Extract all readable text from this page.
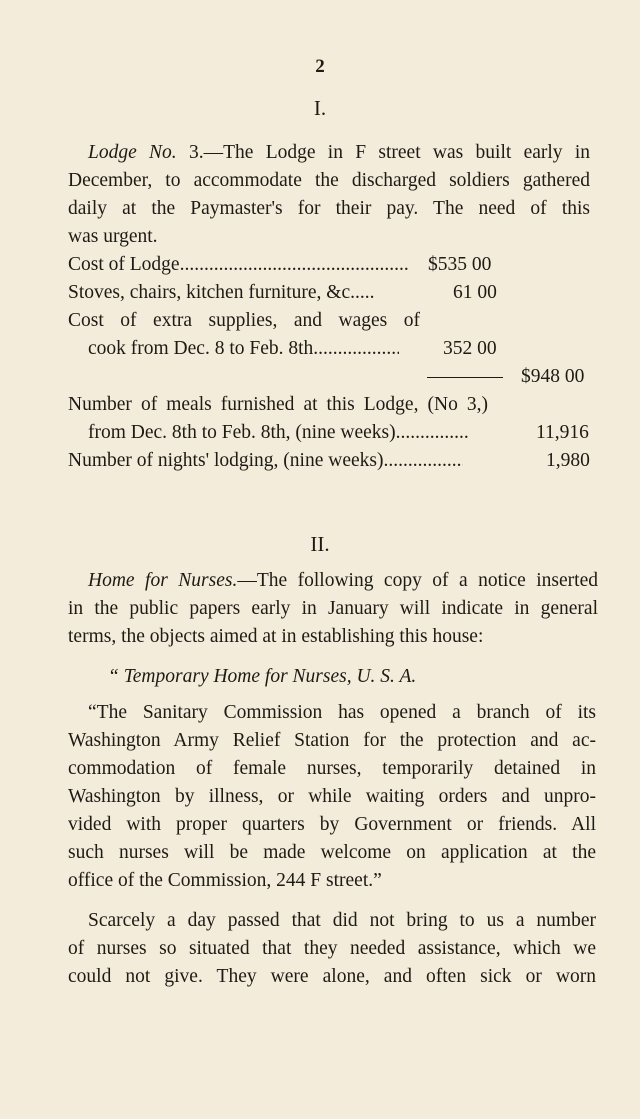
2
I.
Lodge No. 3.—The Lodge in F street was built early in
December, to accommodate the discharged soldiers gathered
daily at the Paymaster's for their pay. The need of this
was urgent.
Cost of Lodge .....	$535 00
Stoves, chairs, kitchen furniture, &c.....	61 00
Cost of extra supplies, and wages of
cook from Dec. 8 to Feb. 8th .....	352 00
$948 00
Number of meals furnished at this Lodge, (No 3,)
from Dec. 8th to Feb. 8th, (nine weeks) .....	11,916
Number of nights' lodging, (nine weeks) .....	1,980
II.
Home for Nurses.—The following copy of a notice inserted
in the public papers early in January will indicate in general
terms, the objects aimed at in establishing this house:
“ Temporary Home for Nurses, U. S. A.
“The Sanitary Commission has opened a branch of its
Washington Army Relief Station for the protection and ac-
commodation of female nurses, temporarily detained in
Washington by illness, or while waiting orders and unpro-
vided with proper quarters by Government or friends. All
such nurses will be made welcome on application at the
office of the Commission, 244 F street.”
Scarcely a day passed that did not bring to us a number
of nurses so situated that they needed assistance, which we
could not give. They were alone, and often sick or worn
